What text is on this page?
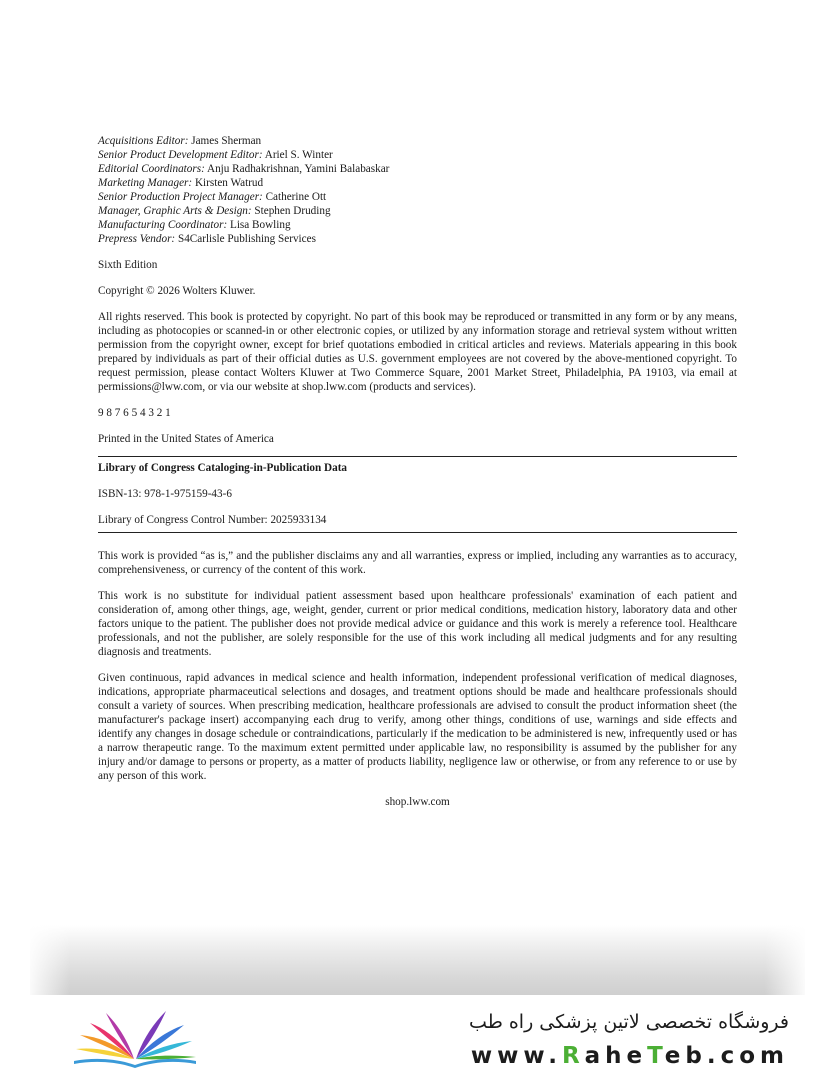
Acquisitions Editor: James Sherman
Senior Product Development Editor: Ariel S. Winter
Editorial Coordinators: Anju Radhakrishnan, Yamini Balabaskar
Marketing Manager: Kirsten Watrud
Senior Production Project Manager: Catherine Ott
Manager, Graphic Arts & Design: Stephen Druding
Manufacturing Coordinator: Lisa Bowling
Prepress Vendor: S4Carlisle Publishing Services

Sixth Edition

Copyright © 2026 Wolters Kluwer.

All rights reserved. This book is protected by copyright. No part of this book may be reproduced or transmitted in any form or by any means, including as photocopies or scanned-in or other electronic copies, or utilized by any information storage and retrieval system without written permission from the copyright owner, except for brief quotations embodied in critical articles and reviews. Materials appearing in this book prepared by individuals as part of their official duties as U.S. government employees are not covered by the above-mentioned copyright. To request permission, please contact Wolters Kluwer at Two Commerce Square, 2001 Market Street, Philadelphia, PA 19103, via email at permissions@lww.com, or via our website at shop.lww.com (products and services).

9 8 7 6 5 4 3 2 1

Printed in the United States of America

Library of Congress Cataloging-in-Publication Data

ISBN-13: 978-1-975159-43-6

Library of Congress Control Number: 2025933134

This work is provided “as is,” and the publisher disclaims any and all warranties, express or implied, including any warranties as to accuracy, comprehensiveness, or currency of the content of this work.

This work is no substitute for individual patient assessment based upon healthcare professionals' examination of each patient and consideration of, among other things, age, weight, gender, current or prior medical conditions, medication history, laboratory data and other factors unique to the patient. The publisher does not provide medical advice or guidance and this work is merely a reference tool. Healthcare professionals, and not the publisher, are solely responsible for the use of this work including all medical judgments and for any resulting diagnosis and treatments.

Given continuous, rapid advances in medical science and health information, independent professional verification of medical diagnoses, indications, appropriate pharmaceutical selections and dosages, and treatment options should be made and healthcare professionals should consult a variety of sources. When prescribing medication, healthcare professionals are advised to consult the product information sheet (the manufacturer's package insert) accompanying each drug to verify, among other things, conditions of use, warnings and side effects and identify any changes in dosage schedule or contraindications, particularly if the medication to be administered is new, infrequently used or has a narrow therapeutic range. To the maximum extent permitted under applicable law, no responsibility is assumed by the publisher for any injury and/or damage to persons or property, as a matter of products liability, negligence law or otherwise, or from any reference to or use by any person of this work.

shop.lww.com

فروشگاه تخصصی لاتین پزشکی راه طب
www.RaheTeb.com
